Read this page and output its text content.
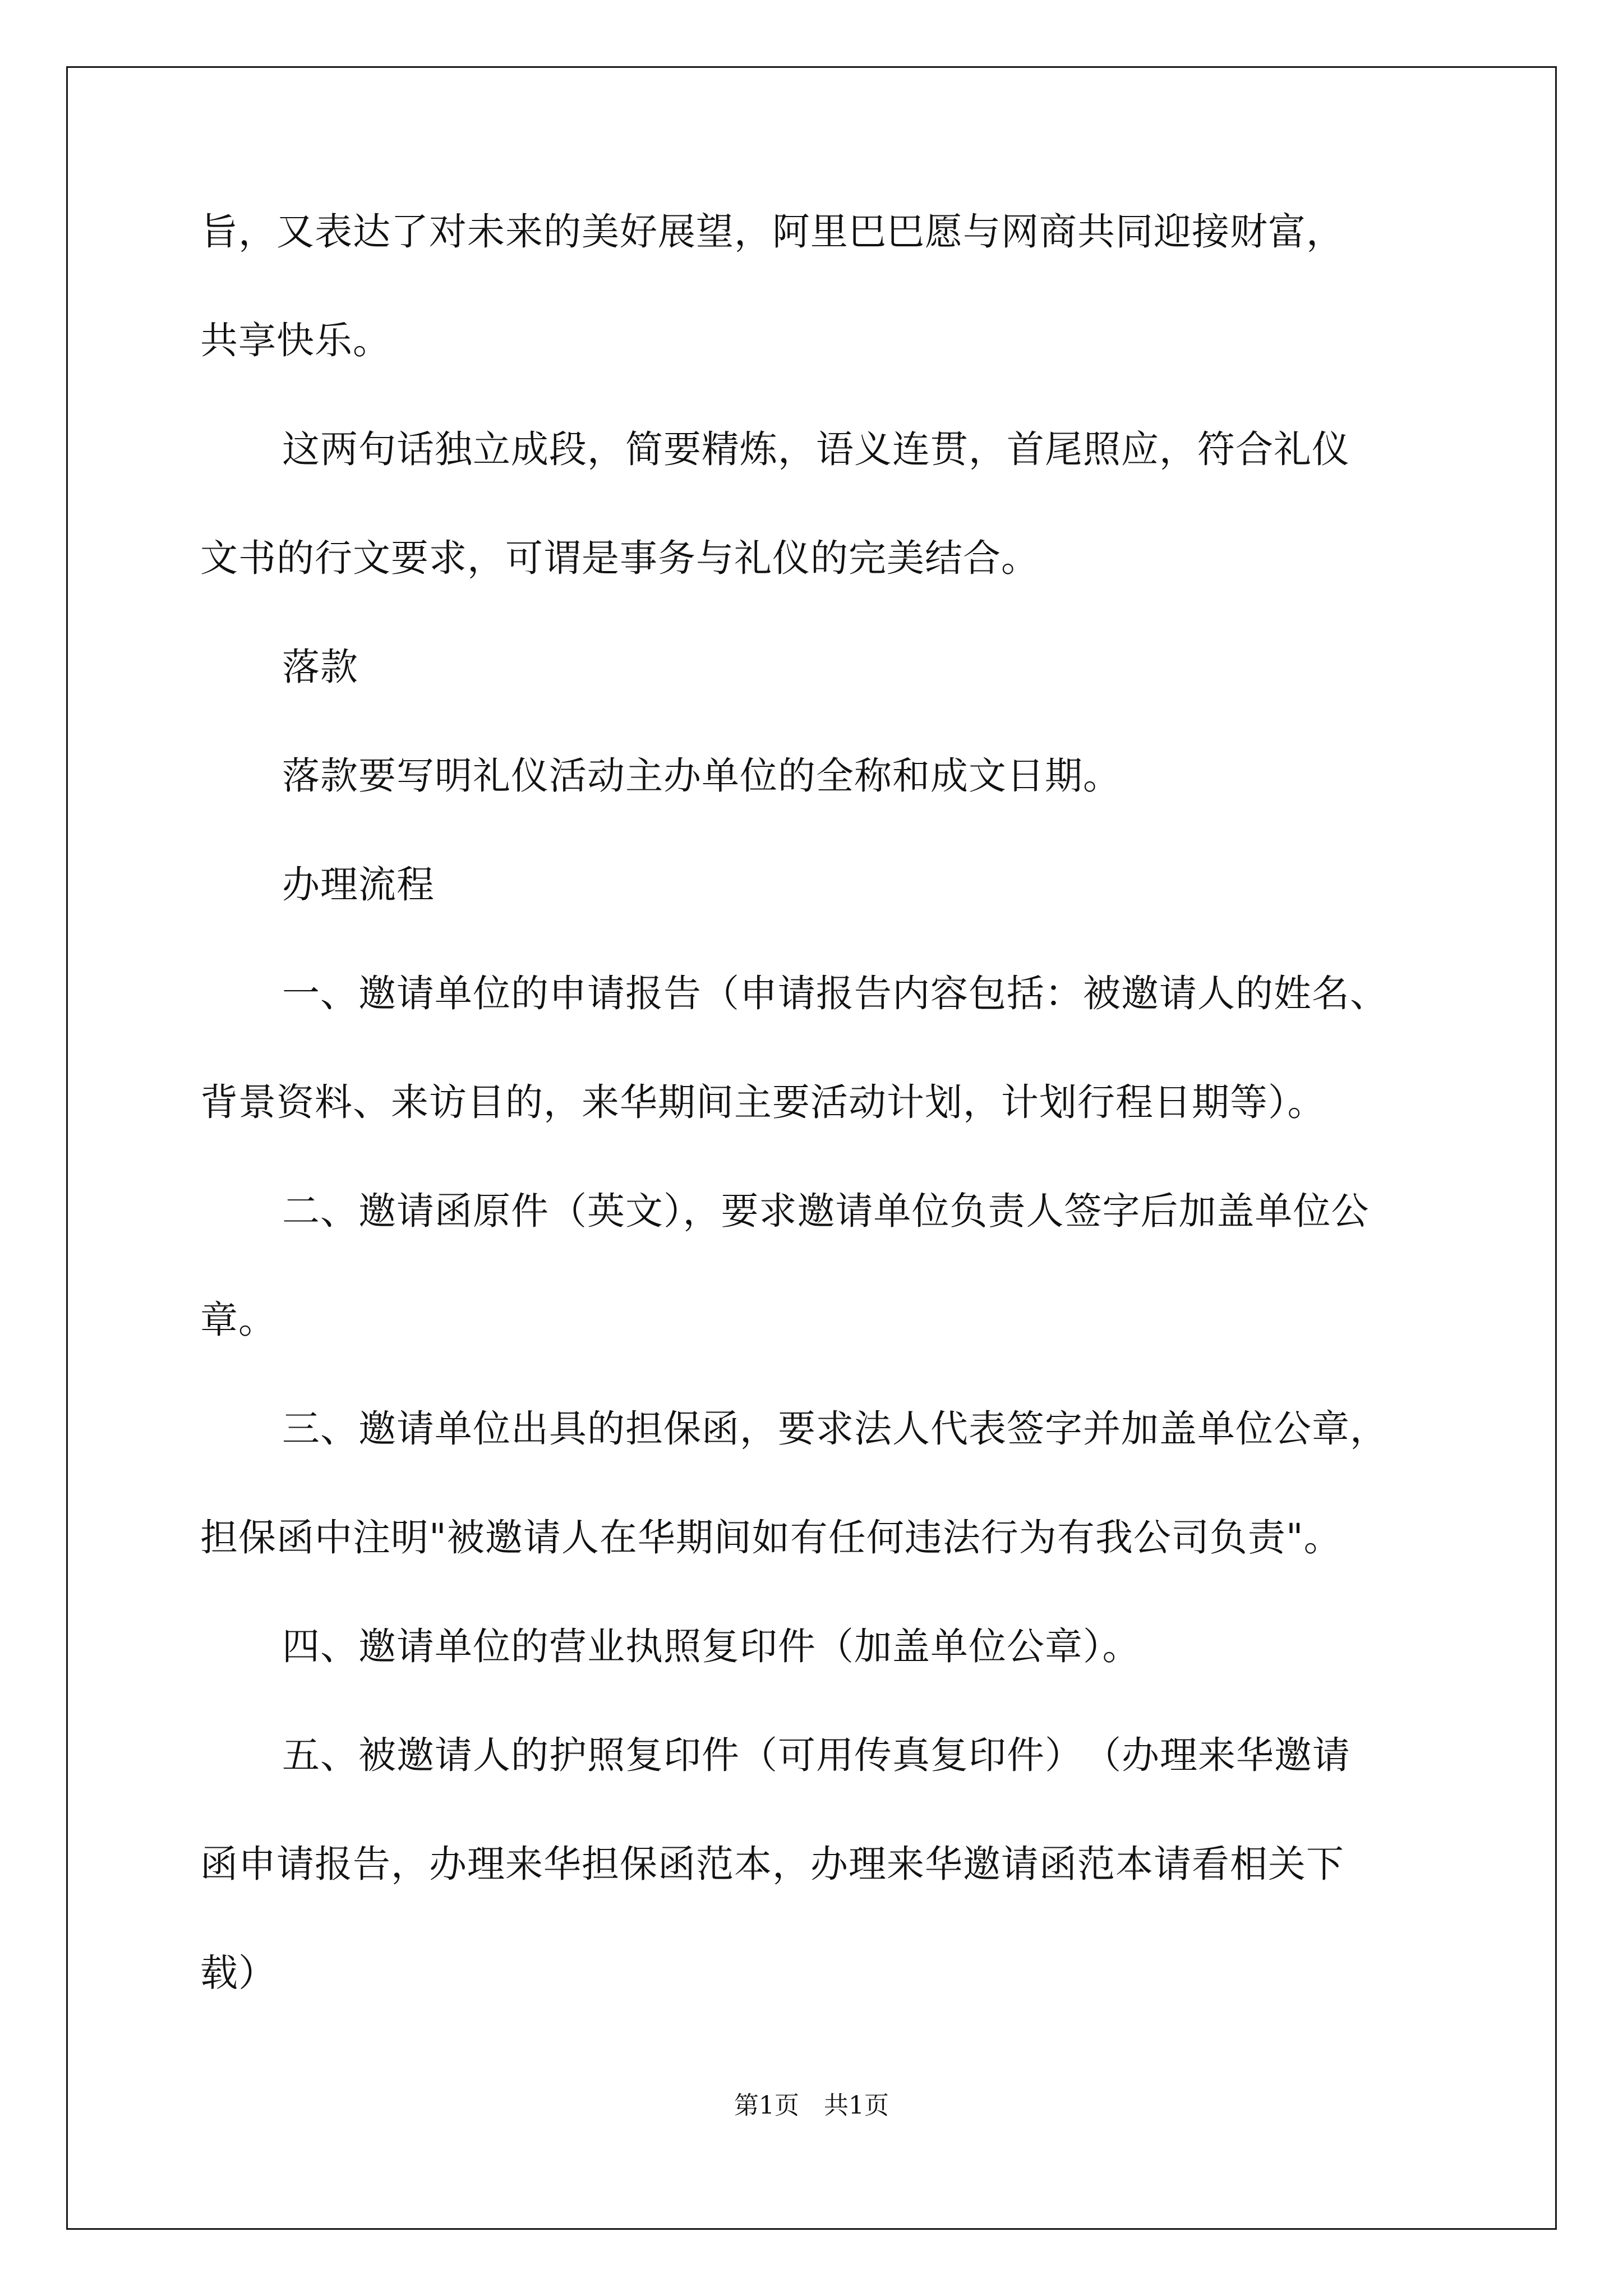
旨，又表达了对未来的美好展望，阿里巴巴愿与网商共同迎接财富，
共享快乐。
这两句话独立成段，简要精炼，语义连贯，首尾照应，符合礼仪
文书的行文要求，可谓是事务与礼仪的完美结合。
落款
落款要写明礼仪活动主办单位的全称和成文日期。
办理流程
一、邀请单位的申请报告（申请报告内容包括：被邀请人的姓名、
背景资料、来访目的，来华期间主要活动计划，计划行程日期等）。
二、邀请函原件（英文），要求邀请单位负责人签字后加盖单位公
章。
三、邀请单位出具的担保函，要求法人代表签字并加盖单位公章，
担保函中注明"被邀请人在华期间如有任何违法行为有我公司负责"。
四、邀请单位的营业执照复印件（加盖单位公章）。
五、被邀请人的护照复印件（可用传真复印件）　（办理来华邀请
函申请报告，办理来华担保函范本，办理来华邀请函范本请看相关下
载）
第1页　共1页
